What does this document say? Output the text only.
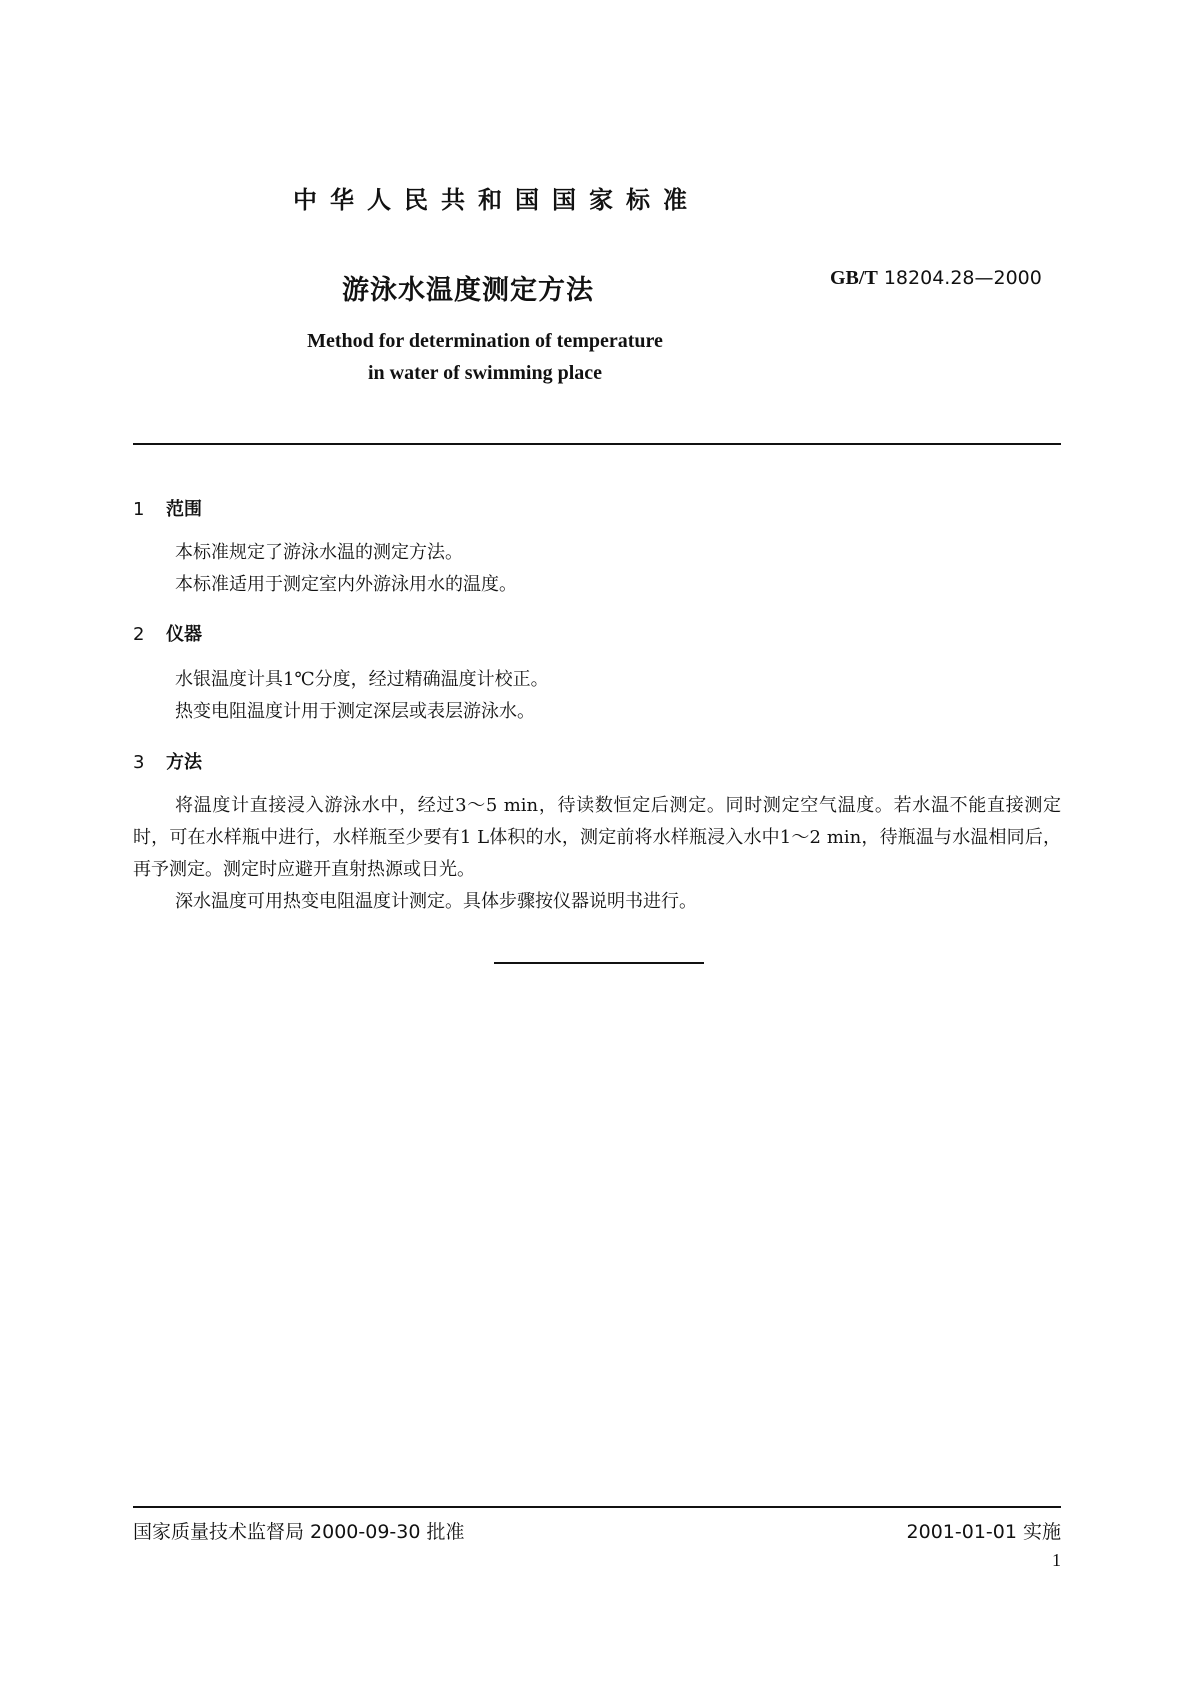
中华人民共和国国家标准
游泳水温度测定方法	GB/T 18204.28—2000
Method for determination of temperature
in water of swimming place
1 范围
本标准规定了游泳水温的测定方法。
本标准适用于测定室内外游泳用水的温度。
2 仪器
水银温度计具1℃分度，经过精确温度计校正。
热变电阻温度计用于测定深层或表层游泳水。
3 方法
将温度计直接浸入游泳水中，经过3～5 min，待读数恒定后测定。同时测定空气温度。若水温不能直接测定时，可在水样瓶中进行，水样瓶至少要有1 L体积的水，测定前将水样瓶浸入水中1～2 min，待瓶温与水温相同后，再予测定。测定时应避开直射热源或日光。
深水温度可用热变电阻温度计测定。具体步骤按仪器说明书进行。
国家质量技术监督局 2000-09-30 批准	2001-01-01 实施
1
